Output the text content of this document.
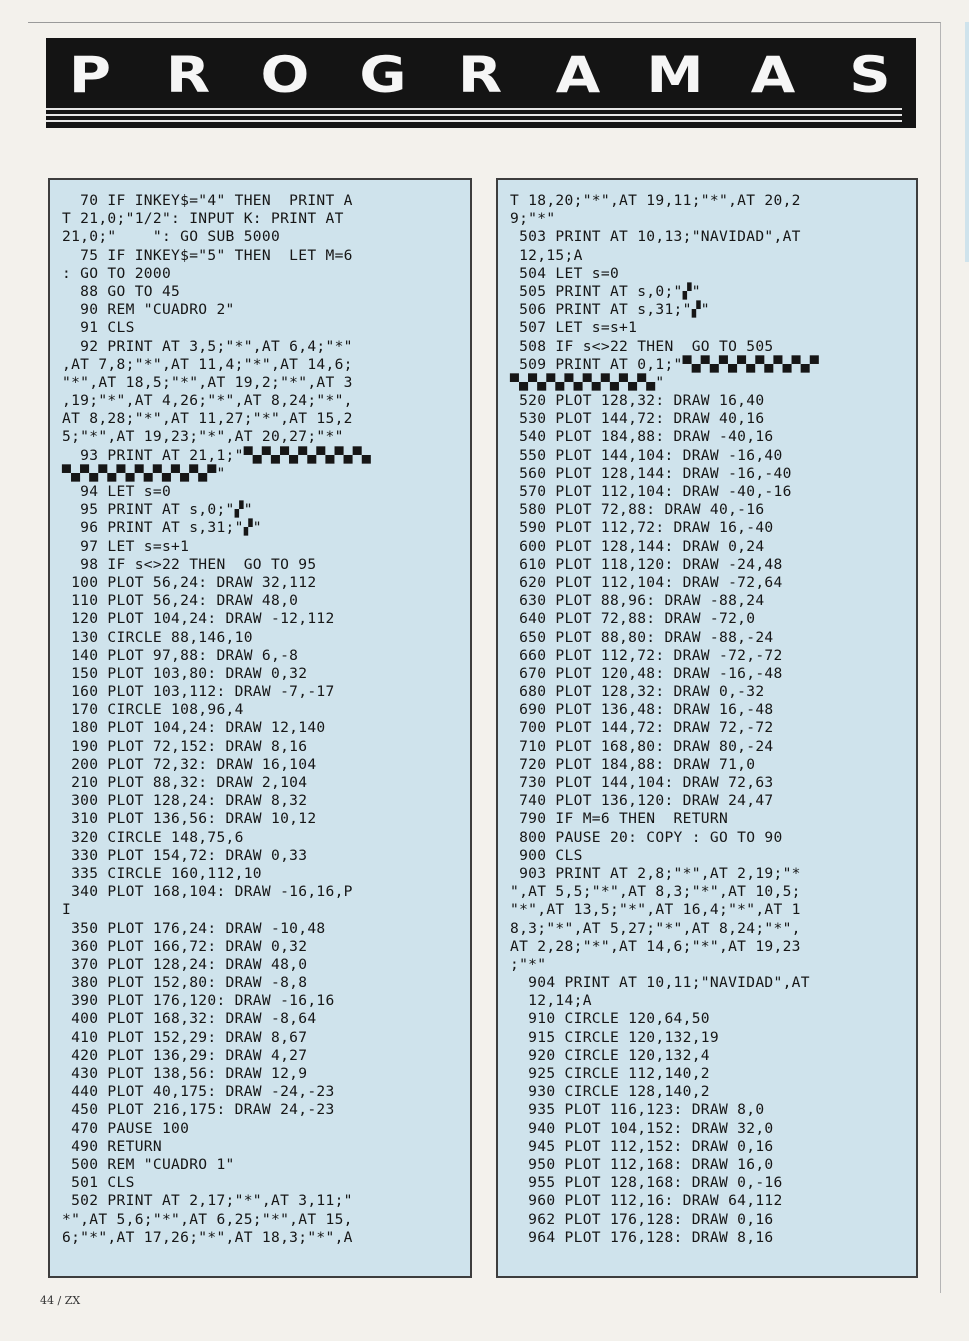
P R O G R A M A S
70 IF INKEY$="4" THEN  PRINT A
T 21,0;"1/2": INPUT K: PRINT AT
21,0;"    ": GO SUB 5000
75 IF INKEY$="5" THEN  LET M=6
: GO TO 2000
88 GO TO 45
90 REM "CUADRO 2"
91 CLS
92 PRINT AT 3,5;"*",AT 6,4;"*"
,AT 7,8;"*",AT 11,4;"*",AT 14,6;
"*",AT 18,5;"*",AT 19,2;"*",AT 3
,19;"*",AT 4,26;"*",AT 8,24;"*",
AT 8,28;"*",AT 11,27;"*",AT 15,2
5;"*",AT 19,23;"*",AT 20,27;"*"
93 PRINT AT 21,1;"▀▄▀▄▀▄▀▄▀▄▀▄▀▄
▀▄▀▄▀▄▀▄▀▄▀▄▀▄▀▄▀"
94 LET s=0
95 PRINT AT s,0;"▞"
96 PRINT AT s,31;"▞"
97 LET s=s+1
98 IF s<>22 THEN  GO TO 95
100 PLOT 56,24: DRAW 32,112
110 PLOT 56,24: DRAW 48,0
120 PLOT 104,24: DRAW -12,112
130 CIRCLE 88,146,10
140 PLOT 97,88: DRAW 6,-8
150 PLOT 103,80: DRAW 0,32
160 PLOT 103,112: DRAW -7,-17
170 CIRCLE 108,96,4
180 PLOT 104,24: DRAW 12,140
190 PLOT 72,152: DRAW 8,16
200 PLOT 72,32: DRAW 16,104
210 PLOT 88,32: DRAW 2,104
300 PLOT 128,24: DRAW 8,32
310 PLOT 136,56: DRAW 10,12
320 CIRCLE 148,75,6
330 PLOT 154,72: DRAW 0,33
335 CIRCLE 160,112,10
340 PLOT 168,104: DRAW -16,16,P
I
350 PLOT 176,24: DRAW -10,48
360 PLOT 166,72: DRAW 0,32
370 PLOT 128,24: DRAW 48,0
380 PLOT 152,80: DRAW -8,8
390 PLOT 176,120: DRAW -16,16
400 PLOT 168,32: DRAW -8,64
410 PLOT 152,29: DRAW 8,67
420 PLOT 136,29: DRAW 4,27
430 PLOT 138,56: DRAW 12,9
440 PLOT 40,175: DRAW -24,-23
450 PLOT 216,175: DRAW 24,-23
470 PAUSE 100
490 RETURN
500 REM "CUADRO 1"
501 CLS
502 PRINT AT 2,17;"*",AT 3,11;"
*",AT 5,6;"*",AT 6,25;"*",AT 15,
6;"*",AT 17,26;"*",AT 18,3;"*",A
T 18,20;"*",AT 19,11;"*",AT 20,2
9;"*"
503 PRINT AT 10,13;"NAVIDAD",AT
12,15;A
504 LET s=0
505 PRINT AT s,0;"▞"
506 PRINT AT s,31;"▞"
507 LET s=s+1
508 IF s<>22 THEN  GO TO 505
509 PRINT AT 0,1;"▀▄▀▄▀▄▀▄▀▄▀▄▀▄▀
▀▄▀▄▀▄▀▄▀▄▀▄▀▄▀▄"
520 PLOT 128,32: DRAW 16,40
530 PLOT 144,72: DRAW 40,16
540 PLOT 184,88: DRAW -40,16
550 PLOT 144,104: DRAW -16,40
560 PLOT 128,144: DRAW -16,-40
570 PLOT 112,104: DRAW -40,-16
580 PLOT 72,88: DRAW 40,-16
590 PLOT 112,72: DRAW 16,-40
600 PLOT 128,144: DRAW 0,24
610 PLOT 118,120: DRAW -24,48
620 PLOT 112,104: DRAW -72,64
630 PLOT 88,96: DRAW -88,24
640 PLOT 72,88: DRAW -72,0
650 PLOT 88,80: DRAW -88,-24
660 PLOT 112,72: DRAW -72,-72
670 PLOT 120,48: DRAW -16,-48
680 PLOT 128,32: DRAW 0,-32
690 PLOT 136,48: DRAW 16,-48
700 PLOT 144,72: DRAW 72,-72
710 PLOT 168,80: DRAW 80,-24
720 PLOT 184,88: DRAW 71,0
730 PLOT 144,104: DRAW 72,63
740 PLOT 136,120: DRAW 24,47
790 IF M=6 THEN  RETURN
800 PAUSE 20: COPY : GO TO 90
900 CLS
903 PRINT AT 2,8;"*",AT 2,19;"*
",AT 5,5;"*",AT 8,3;"*",AT 10,5;
"*",AT 13,5;"*",AT 16,4;"*",AT 1
8,3;"*",AT 5,27;"*",AT 8,24;"*",
AT 2,28;"*",AT 14,6;"*",AT 19,23
;"*"
904 PRINT AT 10,11;"NAVIDAD",AT
12,14;A
910 CIRCLE 120,64,50
915 CIRCLE 120,132,19
920 CIRCLE 120,132,4
925 CIRCLE 112,140,2
930 CIRCLE 128,140,2
935 PLOT 116,123: DRAW 8,0
940 PLOT 104,152: DRAW 32,0
945 PLOT 112,152: DRAW 0,16
950 PLOT 112,168: DRAW 16,0
955 PLOT 128,168: DRAW 0,-16
960 PLOT 112,16: DRAW 64,112
962 PLOT 176,128: DRAW 0,16
964 PLOT 176,128: DRAW 8,16
44 / ZX
